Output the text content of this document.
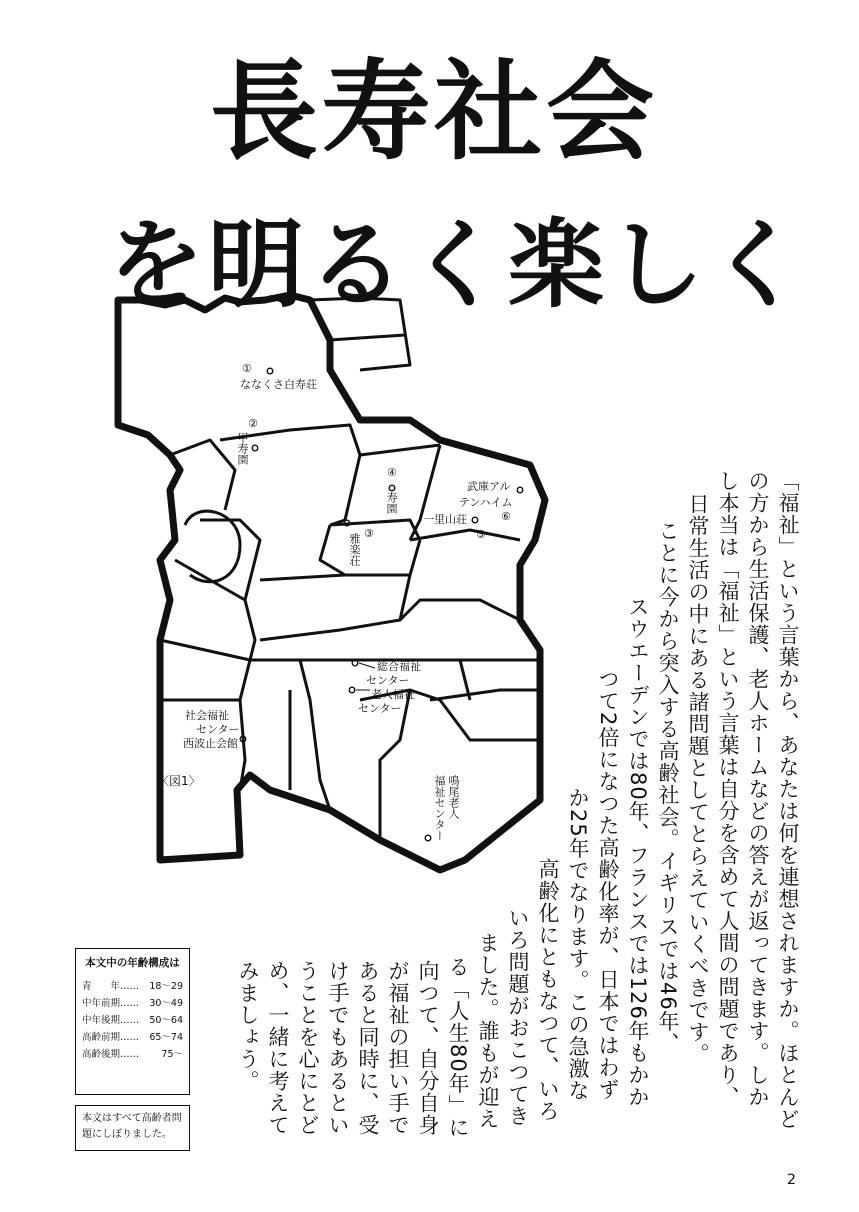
長寿社会
を明るく楽しく
①
ななくさ白寿荘
②
甲寿園
③
雅楽荘
④
寿園
一里山荘
⑤
武庫アル
テンハイム
⑥
総合福祉
センター
老人福祉
センター
社会福祉
センター
西波止会館
鳴尾老人
福祉センター
〈図1〉	「福祉」という言葉から、あなたは何を連想されますか。ほとんど

の方から生活保護、老人ホームなどの答えが返ってきます。しか

し本当は「福祉」という言葉は自分を含めて人間の問題であり、

日常生活の中にある諸問題としてとらえていくべきです。

ことに今から突入する高齢社会。イギリスでは46年、

スウエーデンでは80年、フランスでは126年もかか

つて2倍になつた高齢化率が、日本ではわず

か25年でなります。この急激な

高齢化にともなつて、いろ

いろ問題がおこつてき

ました。誰もが迎え

る「人生80年」に

向つて、自分自身

が福祉の担い手で

あると同時に、受

け手でもあるとい

うことを心にとど

め、一緒に考えて

みましょう。

本文中の年齢構成は
青　　年…… 18～29
中年前期…… 30～49
中年後期…… 50～64
高齢前期…… 65～74
高齢後期…… 75～
本文はすべて高齢者問題にしぼりました。
2
